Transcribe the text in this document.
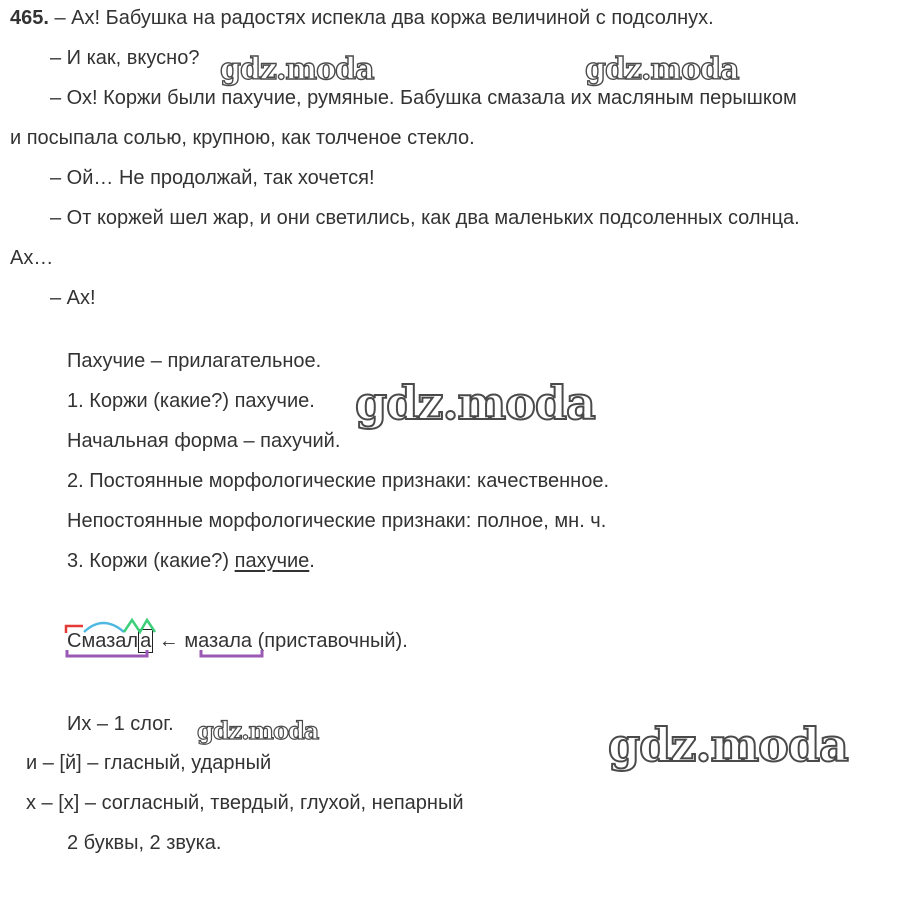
465. – Ах! Бабушка на радостях испекла два коржа величиной с подсолнух.
– И как, вкусно?
– Ох! Коржи были пахучие, румяные. Бабушка смазала их масляным перышком
и посыпала солью, крупною, как толченое стекло.
– Ой… Не продолжай, так хочется!
– От коржей шел жар, и они светились, как два маленьких подсоленных солнца.
Ах…
– Ах!
Пахучие – прилагательное.
1. Коржи (какие?) пахучие.
Начальная форма – пахучий.
2. Постоянные морфологические признаки: качественное.
Непостоянные морфологические признаки: полное, мн. ч.
3. Коржи (какие?) пахучие.
Смазал а ← мазала (приставочный).
Их – 1 слог.
и – [й] – гласный, ударный
х – [х] – согласный, твердый, глухой, непарный
2 буквы, 2 звука.
gdz.moda	gdz.moda
gdz.moda
gdz.moda	gdz.moda
